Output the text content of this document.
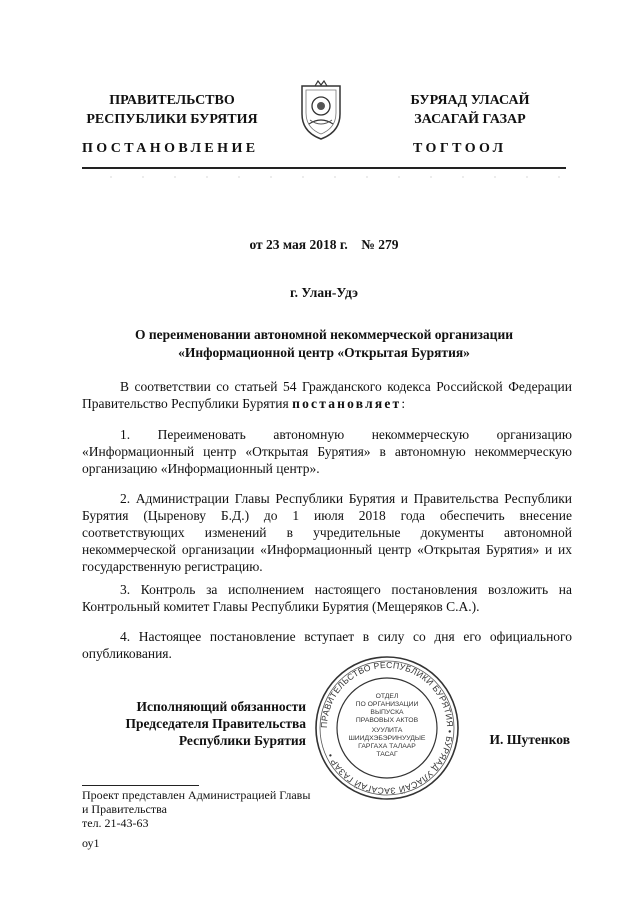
ПРАВИТЕЛЬСТВО
РЕСПУБЛИКИ БУРЯТИЯ
БУРЯАД УЛАСАЙ
ЗАСАГАЙ ГАЗАР
ПОСТАНОВЛЕНИЕ	ТОГТООЛ
от 23 мая 2018 г.    № 279
г. Улан-Удэ
О переименовании автономной некоммерческой организации
«Информационной центр «Открытая Бурятия»
В соответствии со статьей 54 Гражданского кодекса Российской Федерации Правительство Республики Бурятия постановляет:
1. Переименовать автономную некоммерческую организацию «Информационный центр «Открытая Бурятия» в автономную некоммерческую организацию «Информационный центр».
2. Администрации Главы Республики Бурятия и Правительства Республики Бурятия (Цыренову Б.Д.) до 1 июля 2018 года обеспечить внесение соответствующих изменений в учредительные документы автономной некоммерческой организации «Информационный центр «Открытая Бурятия» и их государственную регистрацию.
3. Контроль за исполнением настоящего постановления возложить на Контрольный комитет Главы Республики Бурятия (Мещеряков С.А.).
4. Настоящее постановление вступает в силу со дня его официального опубликования.
Исполняющий обязанности
Председателя Правительства
Республики Бурятия
ПРАВИТЕЛЬСТВО РЕСПУБЛИКИ БУРЯТИЯ • БУРЯАД УЛАСАЙ ЗАСАГАЙ ГАЗАР •
ОТДЕЛ
ПО ОРГАНИЗАЦИИ
ВЫПУСКА
ПРАВОВЫХ АКТОВ
ХУУЛИТА
ШИИДХЭБЭРИНУУДЫЕ
ГАРГАХА ТАЛААР
ТАСАГ
И. Шутенков
Проект представлен Администрацией Главы
и Правительства
тел. 21-43-63
оу1
